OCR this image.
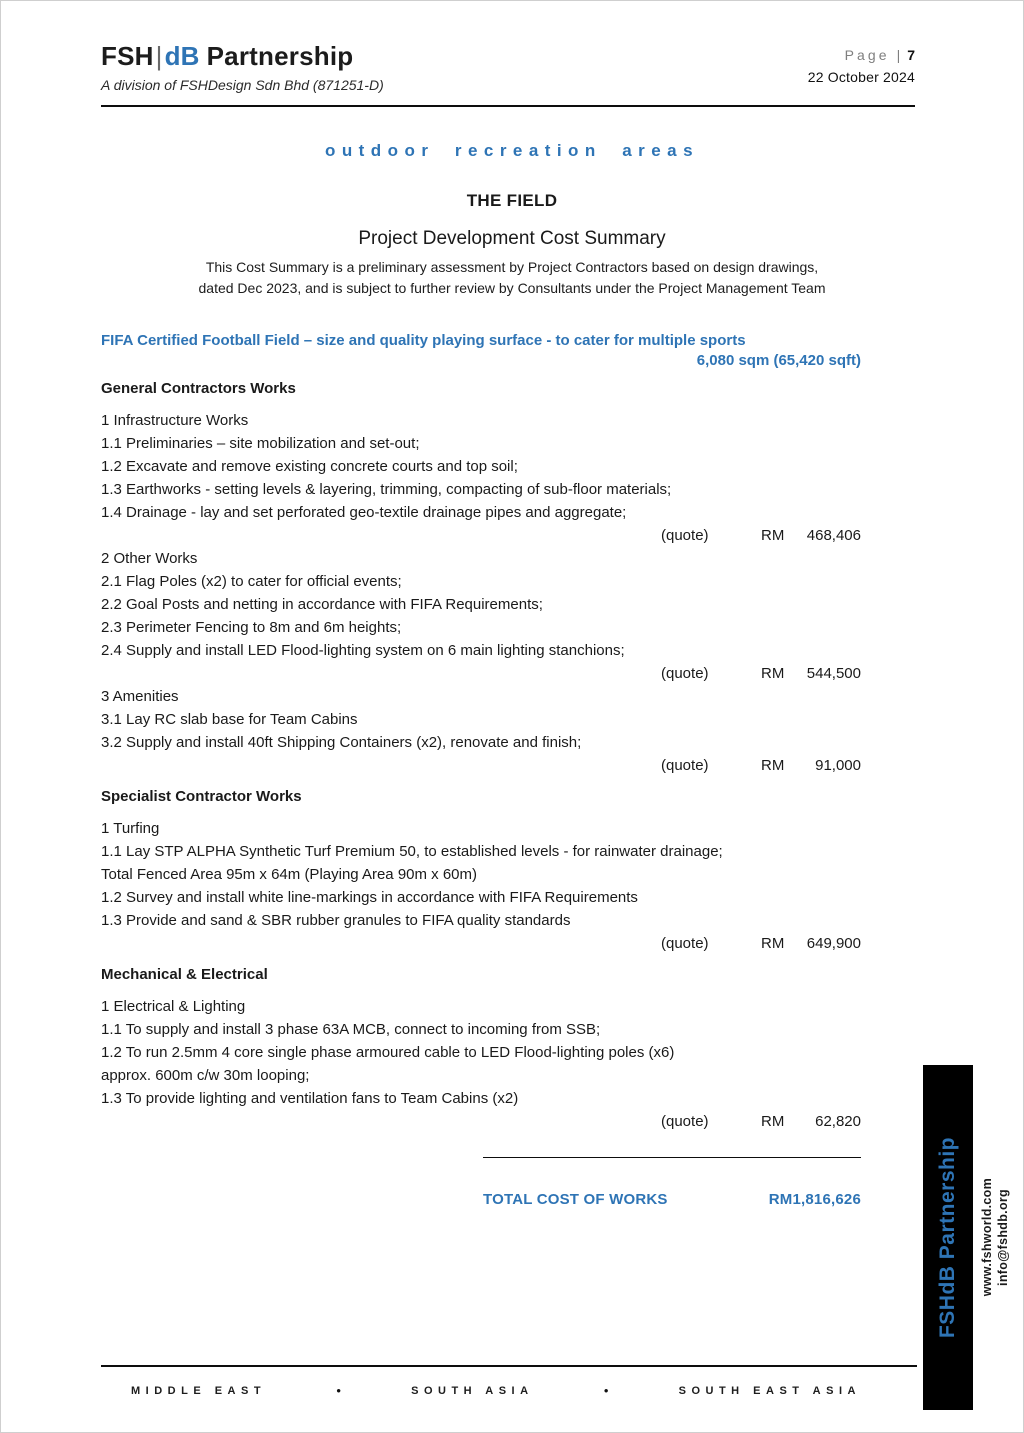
FSH|dB Partnership
A division of FSHDesign Sdn Bhd (871251-D)
Page | 7
22 October 2024
outdoor recreation areas
THE FIELD
Project Development Cost Summary
This Cost Summary is a preliminary assessment by Project Contractors based on design drawings,
dated Dec 2023, and is subject to further review by Consultants under the Project Management Team
FIFA Certified Football Field – size and quality playing surface - to cater for multiple sports
6,080 sqm (65,420 sqft)
General Contractors Works
1 Infrastructure Works
1.1 Preliminaries – site mobilization and set-out;
1.2 Excavate and remove existing concrete courts and top soil;
1.3 Earthworks - setting levels & layering, trimming, compacting of sub-floor materials;
1.4 Drainage - lay and set perforated geo-textile drainage pipes and aggregate;
(quote)	RM 468,406
2 Other Works
2.1 Flag Poles (x2) to cater for official events;
2.2 Goal Posts and netting in accordance with FIFA Requirements;
2.3 Perimeter Fencing to 8m and 6m heights;
2.4 Supply and install LED Flood-lighting system on 6 main lighting stanchions;
(quote)	RM 544,500
3 Amenities
3.1 Lay RC slab base for Team Cabins
3.2 Supply and install 40ft Shipping Containers (x2), renovate and finish;
(quote)	RM 91,000
Specialist Contractor Works
1 Turfing
1.1 Lay STP ALPHA Synthetic Turf Premium 50, to established levels - for rainwater drainage;
Total Fenced Area 95m x 64m (Playing Area 90m x 60m)
1.2 Survey and install white line-markings in accordance with FIFA Requirements
1.3 Provide and sand & SBR rubber granules to FIFA quality standards
(quote)	RM 649,900
Mechanical & Electrical
1 Electrical & Lighting
1.1 To supply and install 3 phase 63A MCB, connect to incoming from SSB;
1.2 To run 2.5mm 4 core single phase armoured cable to LED Flood-lighting poles (x6)
approx. 600m c/w 30m looping;
1.3 To provide lighting and ventilation fans to Team Cabins (x2)
(quote)	RM 62,820
TOTAL COST OF WORKS	RM1,816,626	FSHdB Partnership www.fshworld.com info@fshdb.org
MIDDLE EAST	•	SOUTH ASIA	•	SOUTH EAST ASIA
